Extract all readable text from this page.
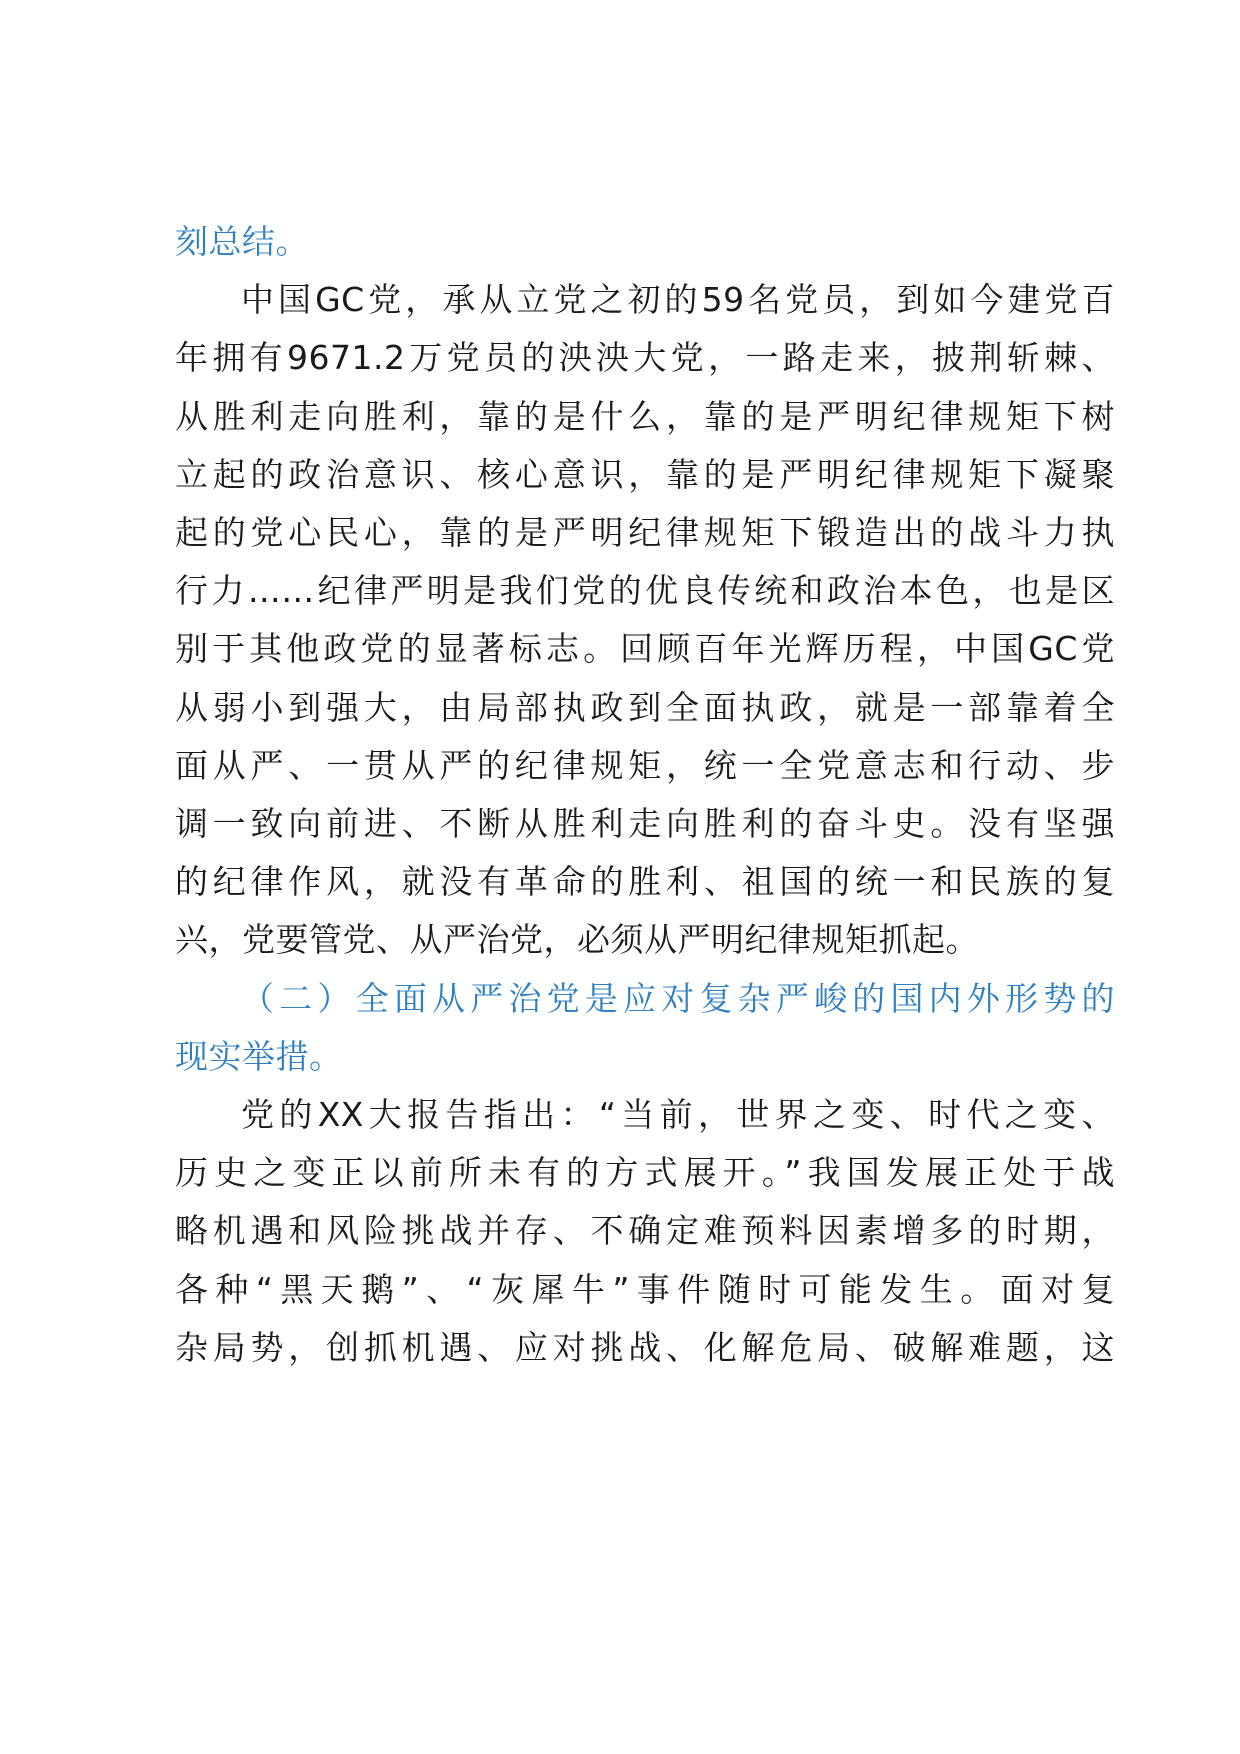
刻总结。
中国GC党，承从立党之初的59名党员，到如今建党百
年拥有9671.2万党员的泱泱大党，一路走来，披荆斩棘、
从胜利走向胜利，靠的是什么，靠的是严明纪律规矩下树
立起的政治意识、核心意识，靠的是严明纪律规矩下凝聚
起的党心民心，靠的是严明纪律规矩下锻造出的战斗力执
行力……纪律严明是我们党的优良传统和政治本色，也是区
别于其他政党的显著标志。回顾百年光辉历程，中国GC党
从弱小到强大，由局部执政到全面执政，就是一部靠着全
面从严、一贯从严的纪律规矩，统一全党意志和行动、步
调一致向前进、不断从胜利走向胜利的奋斗史。没有坚强
的纪律作风，就没有革命的胜利、祖国的统一和民族的复
兴，党要管党、从严治党，必须从严明纪律规矩抓起。
（二）全面从严治党是应对复杂严峻的国内外形势的
现实举措。
党的XX大报告指出：“当前，世界之变、时代之变、
历史之变正以前所未有的方式展开。”我国发展正处于战
略机遇和风险挑战并存、不确定难预料因素增多的时期，
各种“黑天鹅”、“灰犀牛”事件随时可能发生。面对复
杂局势，创抓机遇、应对挑战、化解危局、破解难题，这
